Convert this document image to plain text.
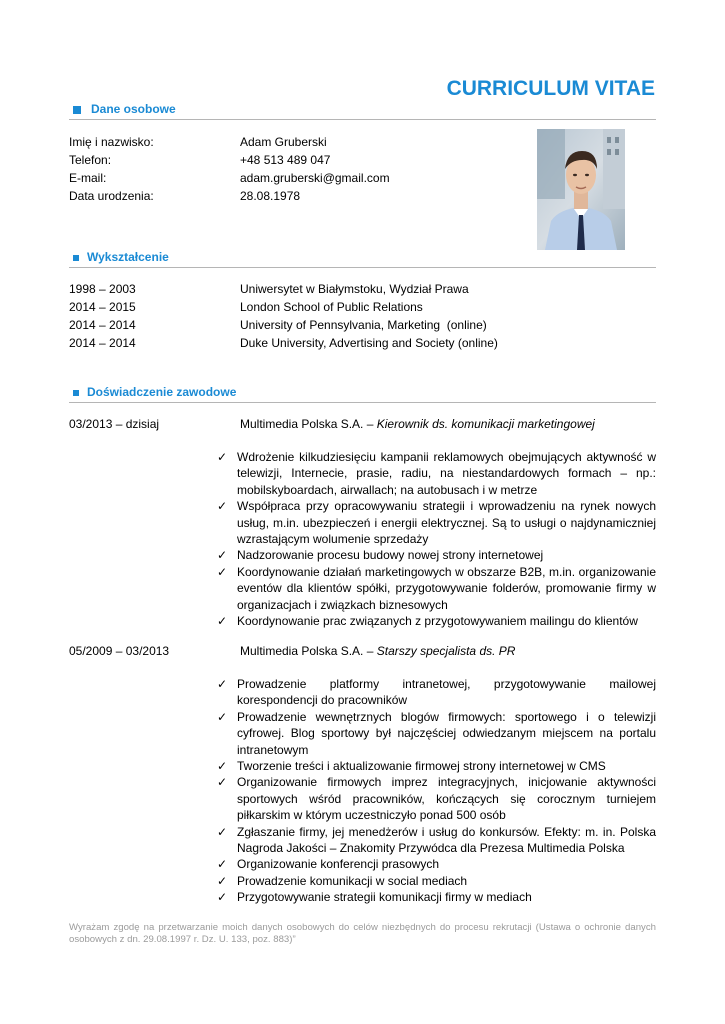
CURRICULUM VITAE
Dane osobowe
Imię i nazwisko:	Adam Gruberski
Telefon:	+48 513 489 047
E-mail:	adam.gruberski@gmail.com
Data urodzenia:	28.08.1978
Wykształcenie
1998 – 2003	Uniwersytet w Białymstoku, Wydział Prawa
2014 – 2015	London School of Public Relations
2014 – 2014	University of Pennsylvania, Marketing  (online)
2014 – 2014	Duke University, Advertising and Society (online)
Doświadczenie zawodowe
03/2013 – dzisiaj	Multimedia Polska S.A. – Kierownik ds. komunikacji marketingowej

✓ Wdrożenie kilkudziesięciu kampanii reklamowych obejmujących aktywność w telewizji, Internecie, prasie, radiu, na niestandardowych formach – np.: mobilskyboardach, airwallach; na autobusach i w metrze

✓ Współpraca przy opracowywaniu strategii i wprowadzeniu na rynek nowych usług, m.in. ubezpieczeń i energii elektrycznej. Są to usługi o najdynamiczniej wzrastającym wolumenie sprzedaży

✓ Nadzorowanie procesu budowy nowej strony internetowej

✓ Koordynowanie działań marketingowych w obszarze B2B, m.in. organizowanie eventów dla klientów spółki, przygotowywanie folderów, promowanie firmy w organizacjach i związkach biznesowych

✓ Koordynowanie prac związanych z przygotowywaniem mailingu do klientów

05/2009 – 03/2013	Multimedia Polska S.A. – Starszy specjalista ds. PR

✓ Prowadzenie platformy intranetowej, przygotowywanie mailowej korespondencji do pracowników

✓ Prowadzenie wewnętrznych blogów firmowych: sportowego i o telewizji cyfrowej. Blog sportowy był najczęściej odwiedzanym miejscem na portalu intranetowym

✓ Tworzenie treści i aktualizowanie firmowej strony internetowej w CMS

✓ Organizowanie firmowych imprez integracyjnych, inicjowanie aktywności sportowych wśród pracowników, kończących się corocznym turniejem piłkarskim w którym uczestniczyło ponad 500 osób

✓ Zgłaszanie firmy, jej menedżerów i usług do konkursów. Efekty: m. in. Polska Nagroda Jakości – Znakomity Przywódca dla Prezesa Multimedia Polska

✓ Organizowanie konferencji prasowych

✓ Prowadzenie komunikacji w social mediach

✓ Przygotowywanie strategii komunikacji firmy w mediach

Wyrażam zgodę na przetwarzanie moich danych osobowych do celów niezbędnych do procesu rekrutacji (Ustawa o ochronie danych osobowych z dn. 29.08.1997 r. Dz. U. 133, poz. 883)”
